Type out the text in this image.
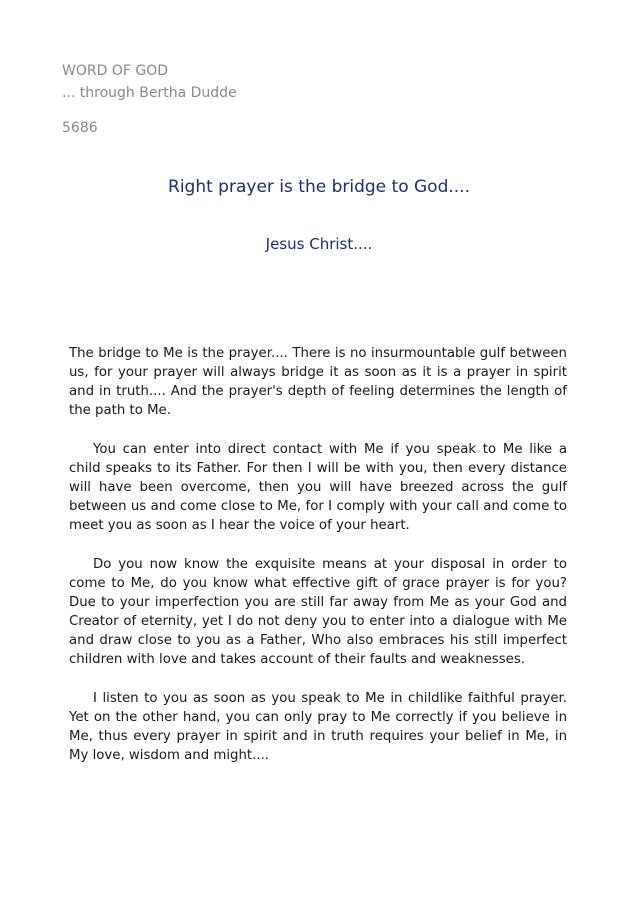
WORD OF GOD
... through Bertha Dudde
5686
Right prayer is the bridge to God....
Jesus Christ....

The bridge to Me is the prayer.... There is no insurmountable gulf between us, for your prayer will always bridge it as soon as it is a prayer in spirit and in truth.... And the prayer's depth of feeling determines the length of the path to Me.

You can enter into direct contact with Me if you speak to Me like a child speaks to its Father. For then I will be with you, then every distance will have been overcome, then you will have breezed across the gulf between us and come close to Me, for I comply with your call and come to meet you as soon as I hear the voice of your heart.

Do you now know the exquisite means at your disposal in order to come to Me, do you know what effective gift of grace prayer is for you? Due to your imperfection you are still far away from Me as your God and Creator of eternity, yet I do not deny you to enter into a dialogue with Me and draw close to you as a Father, Who also embraces his still imperfect children with love and takes account of their faults and weaknesses.

I listen to you as soon as you speak to Me in childlike faithful prayer. Yet on the other hand, you can only pray to Me correctly if you believe in Me, thus every prayer in spirit and in truth requires your belief in Me, in My love, wisdom and might....
